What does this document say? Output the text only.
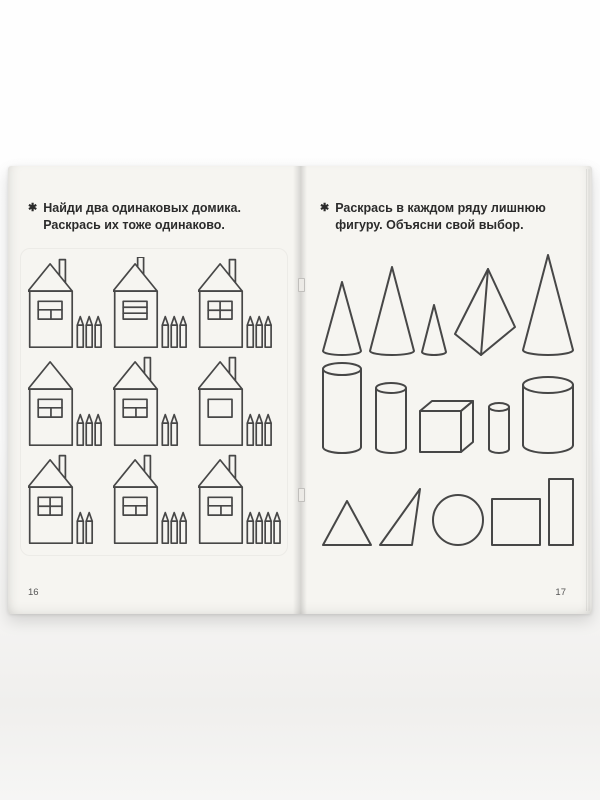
✱ Найди два одинаковых домика. Раскрась их тоже одинаково.
16
✱ Раскрась в каждом ряду лишнюю фигуру. Объясни свой выбор.
17
